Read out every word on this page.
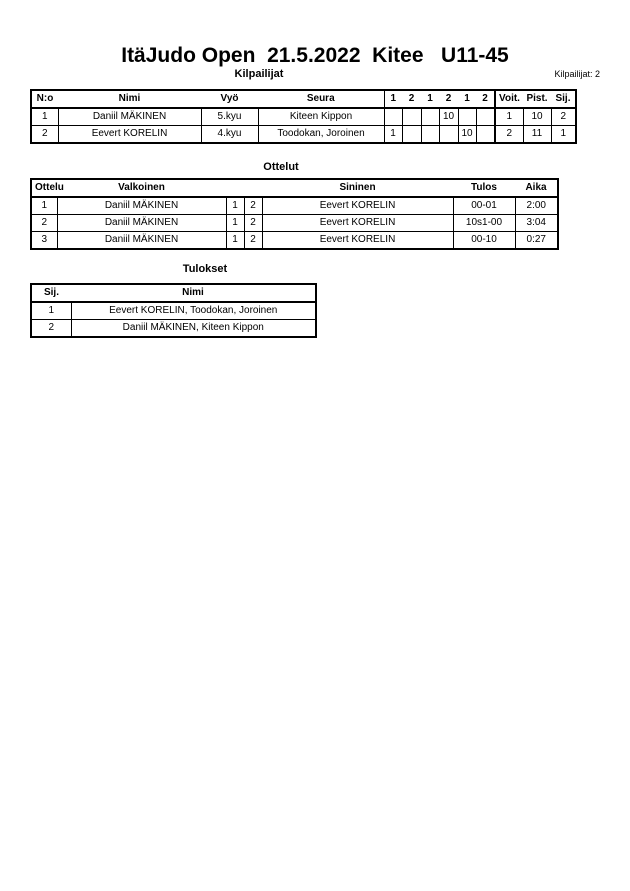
ItäJudo Open  21.5.2022  Kitee   U11-45
Kilpailijat	Kilpailijat: 2
N:o	Nimi	Vyö	Seura	1	2	1	2	1	2	Voit.	Pist.	Sij.
1	Daniil MÄKINEN	5.kyu	Kiteen Kippon				10			1	10	2
2	Eevert KORELIN	4.kyu	Toodokan, Joroinen	1				10		2	11	1
Ottelut
Ottelu	Valkoinen			Sininen	Tulos	Aika
1	Daniil MÄKINEN	1	2	Eevert KORELIN	00-01	2:00
2	Daniil MÄKINEN	1	2	Eevert KORELIN	10s1-00	3:04
3	Daniil MÄKINEN	1	2	Eevert KORELIN	00-10	0:27
Tulokset
Sij.	Nimi
1	Eevert KORELIN, Toodokan, Joroinen
2	Daniil MÄKINEN, Kiteen Kippon
